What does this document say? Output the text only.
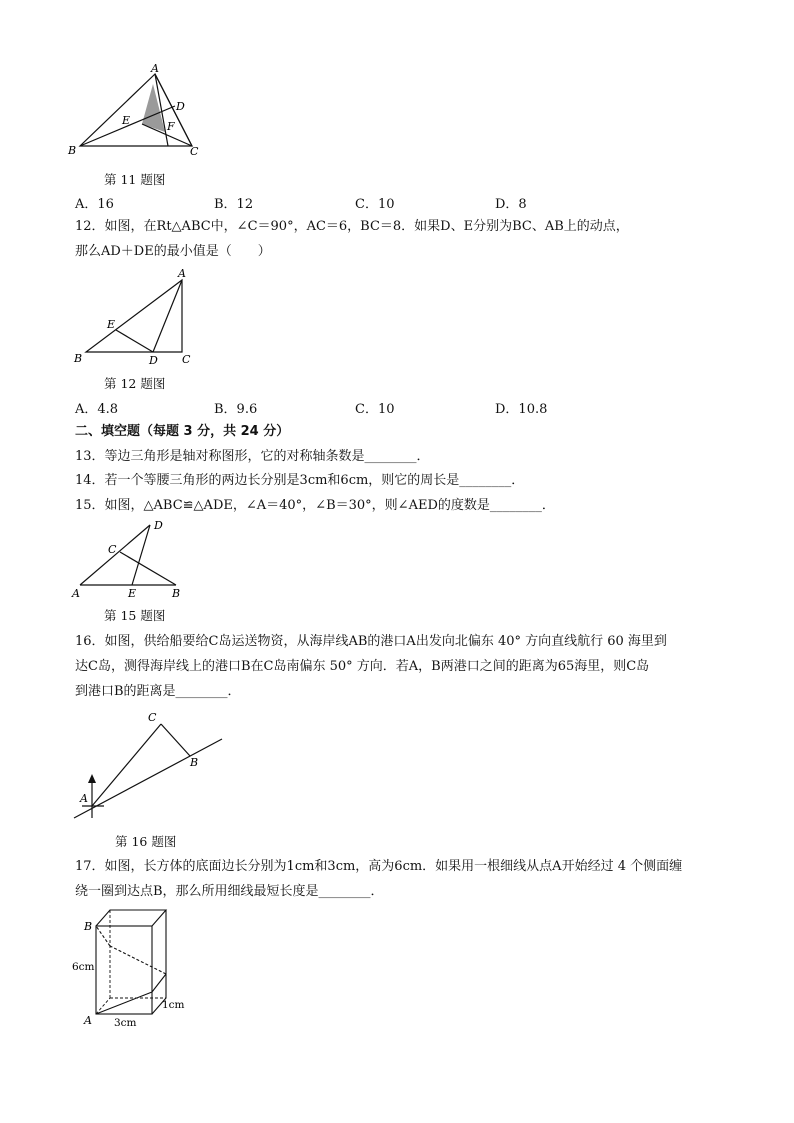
A
B	C
D
E	F
第 11 题图
A．16	B．12	C．10	D．8
12．如图，在Rt△ABC中，∠C＝90°，AC＝6，BC＝8．如果D、E分别为BC、AB上的动点，
那么AD＋DE的最小值是（　　）
A
B	C
D
E
第 12 题图
A．4.8	B．9.6	C．10	D．10.8
二、填空题（每题 3 分，共 24 分）
13．等边三角形是轴对称图形，它的对称轴条数是________．
14．若一个等腰三角形的两边长分别是3cm和6cm，则它的周长是________．
15．如图，△ABC≌△ADE，∠A＝40°，∠B＝30°，则∠AED的度数是________．
A	B
C
D
E
第 15 题图
16．如图，供给船要给C岛运送物资，从海岸线AB的港口A出发向北偏东 40° 方向直线航行 60 海里到
达C岛，测得海岸线上的港口B在C岛南偏东 50° 方向．若A，B两港口之间的距离为65海里，则C岛
到港口B的距离是________．
A
B
C
第 16 题图
17．如图，长方体的底面边长分别为1cm和3cm，高为6cm．如果用一根细线从点A开始经过 4 个侧面缠
绕一圈到达点B，那么所用细线最短长度是________．
B
A
6cm
3cm
1cm
